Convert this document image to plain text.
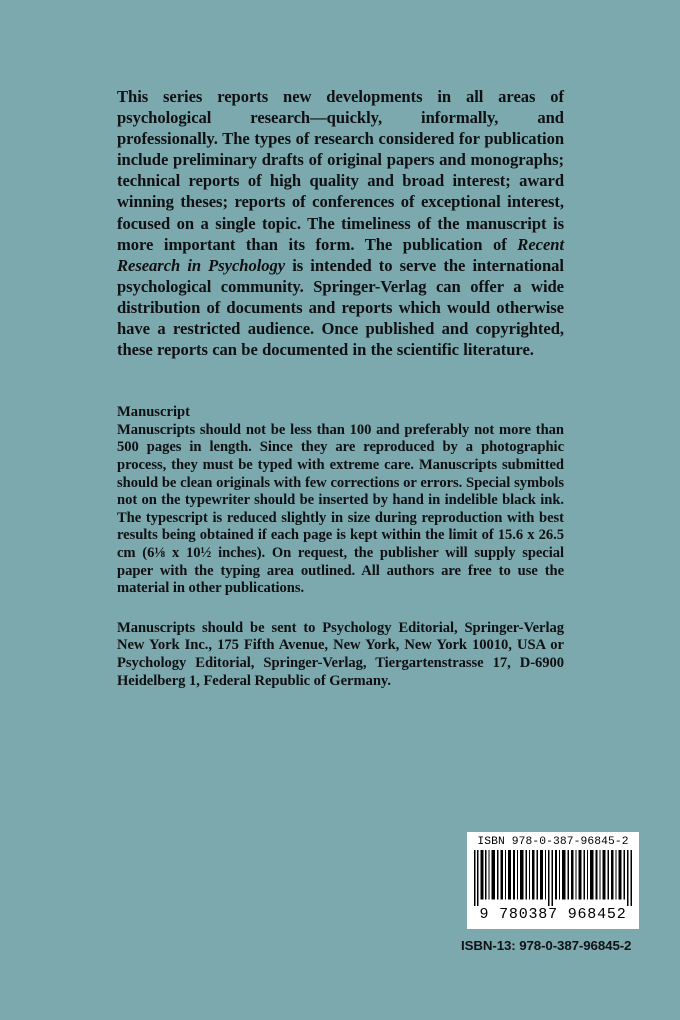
This series reports new developments in all areas of psychological research—quickly, informally, and professionally. The types of research considered for publication include preliminary drafts of original papers and monographs; technical reports of high quality and broad interest; award winning theses; reports of conferences of exceptional interest, focused on a single topic. The timeliness of the manuscript is more important than its form. The publication of Recent Research in Psychology is intended to serve the international psychological community. Springer-Verlag can offer a wide distribution of documents and reports which would otherwise have a restricted audience. Once published and copyrighted, these reports can be documented in the scientific literature.

Manuscript

Manuscripts should not be less than 100 and preferably not more than 500 pages in length. Since they are reproduced by a photographic process, they must be typed with extreme care. Manuscripts submitted should be clean originals with few corrections or errors. Special symbols not on the typewriter should be inserted by hand in indelible black ink. The typescript is reduced slightly in size during reproduction with best results being obtained if each page is kept within the limit of 15.6 x 26.5 cm (6⅛ x 10½ inches). On request, the publisher will supply special paper with the typing area outlined. All authors are free to use the material in other publications.

Manuscripts should be sent to Psychology Editorial, Springer-Verlag New York Inc., 175 Fifth Avenue, New York, New York 10010, USA or Psychology Editorial, Springer-Verlag, Tiergartenstrasse 17, D-6900 Heidelberg 1, Federal Republic of Germany.

ISBN 978-0-387-96845-2
9 780387 968452
ISBN-13: 978-0-387-96845-2
